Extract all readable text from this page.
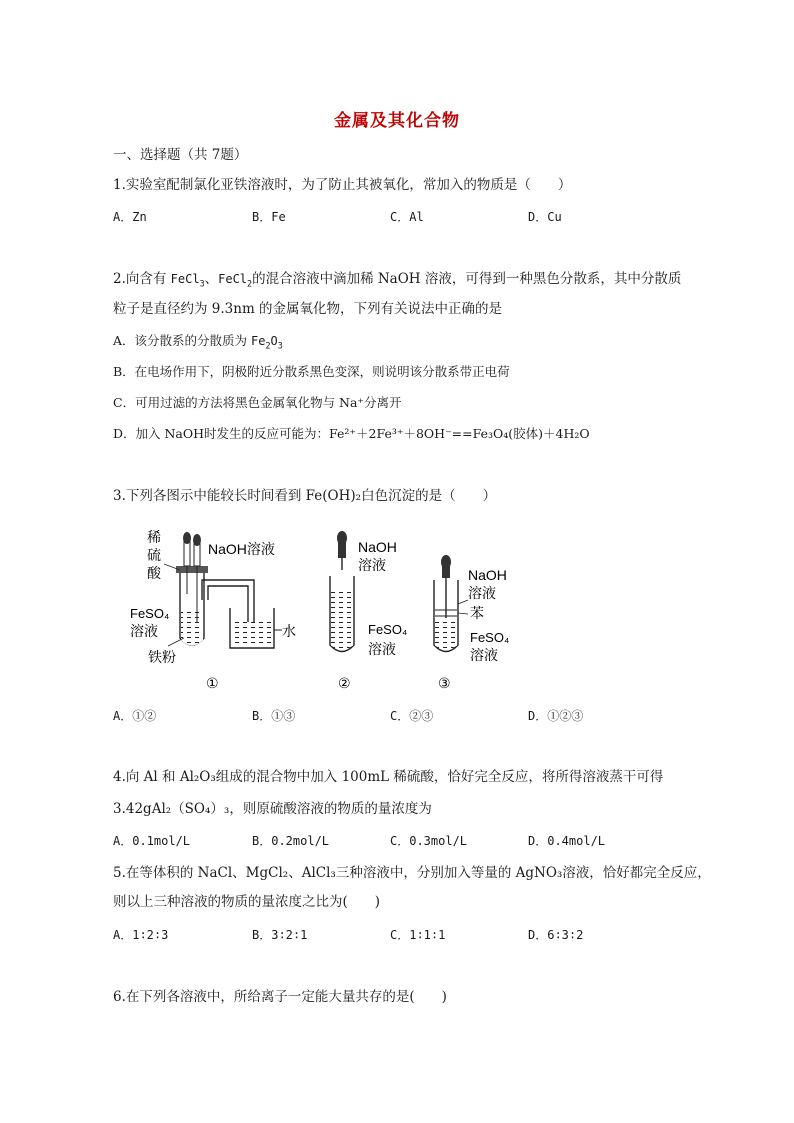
金属及其化合物
一、选择题（共 7题）
1.实验室配制氯化亚铁溶液时，为了防止其被氧化，常加入的物质是（　　）
A．Zn	B．Fe	C．Al	D．Cu
2.向含有 FeCl$_3$、FeCl$_2$的混合溶液中滴加稀 NaOH 溶液，可得到一种黑色分散系，其中分散质
粒子是直径约为 9.3nm 的金属氧化物，下列有关说法中正确的是
A．该分散系的分散质为 $Fe_2O_3$
B．在电场作用下，阴极附近分散系黑色变深，则说明该分散系带正电荷
C．可用过滤的方法将黑色金属氧化物与 Na⁺分离开
D．加入 NaOH时发生的反应可能为：Fe²⁺＋2Fe³⁺＋8OH⁻==Fe₃O₄(胶体)＋4H₂O
3.下列各图示中能较长时间看到 Fe(OH)₂白色沉淀的是（　　）
稀
硫
酸
NaOH溶液
FeSO₄
溶液
铁粉
水
①
NaOH
溶液
FeSO₄
溶液
②
NaOH
溶液
苯
FeSO₄
溶液
③
A．①②	B．①③	C．②③	D．①②③
4.向 Al 和 Al₂O₃组成的混合物中加入 100mL 稀硫酸，恰好完全反应，将所得溶液蒸干可得
3.42gAl₂（SO₄）₃，则原硫酸溶液的物质的量浓度为
A．0.1mol/L	B．0.2mol/L	C．0.3mol/L	D．0.4mol/L
5.在等体积的 NaCl、MgCl₂、AlCl₃三种溶液中，分别加入等量的 AgNO₃溶液，恰好都完全反应，
则以上三种溶液的物质的量浓度之比为(　　)
A．1∶2∶3	B．3∶2∶1	C．1∶1∶1	D．6∶3∶2
6.在下列各溶液中，所给离子一定能大量共存的是(　　)
